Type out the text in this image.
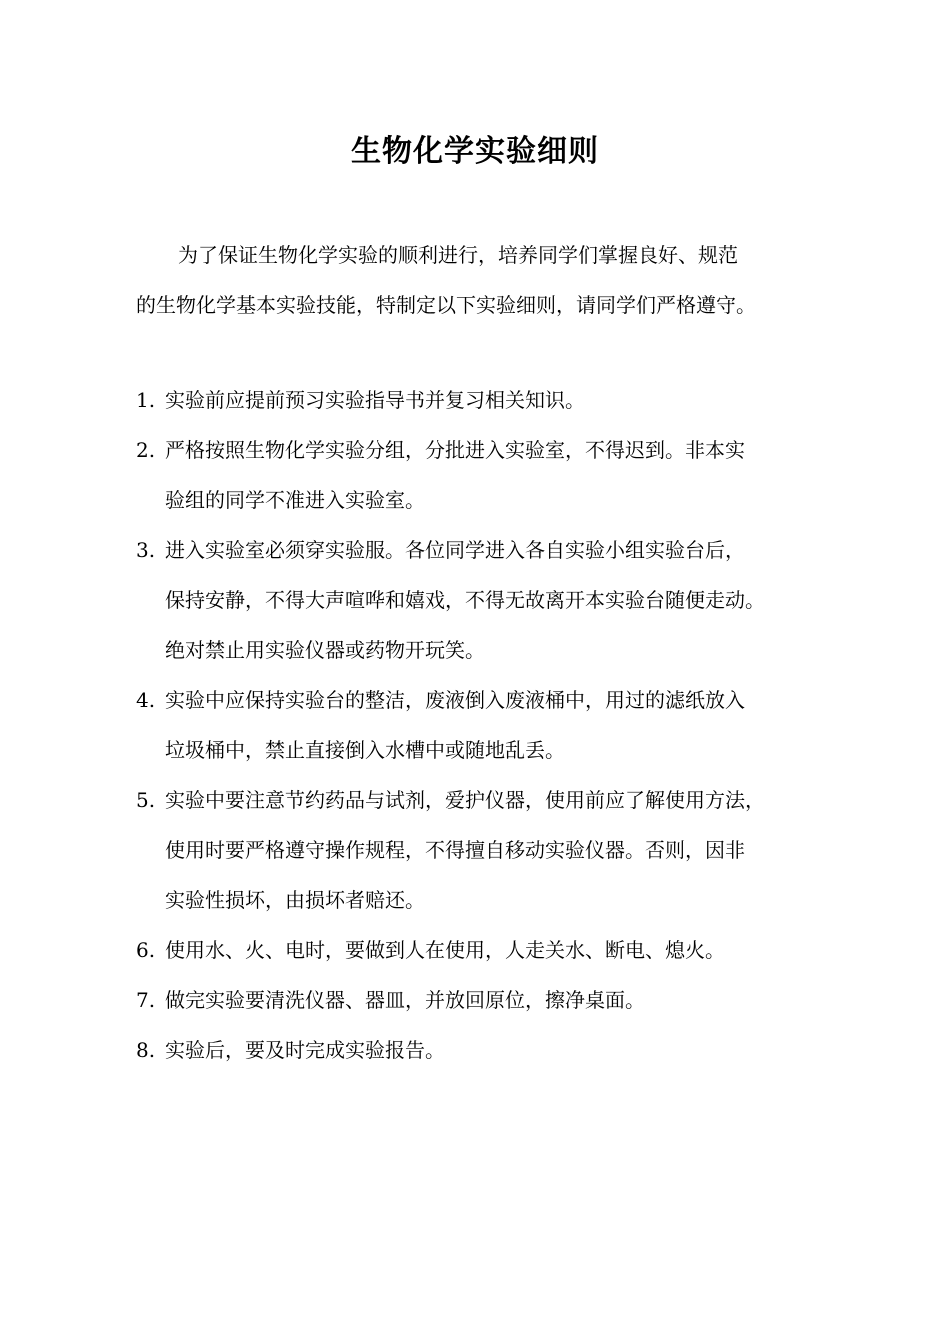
生物化学实验细则
为了保证生物化学实验的顺利进行，培养同学们掌握良好、规范
的生物化学基本实验技能，特制定以下实验细则，请同学们严格遵守。
1. 实验前应提前预习实验指导书并复习相关知识。
2. 严格按照生物化学实验分组，分批进入实验室，不得迟到。非本实
验组的同学不准进入实验室。
3. 进入实验室必须穿实验服。各位同学进入各自实验小组实验台后，
保持安静，不得大声喧哗和嬉戏，不得无故离开本实验台随便走动。
绝对禁止用实验仪器或药物开玩笑。
4. 实验中应保持实验台的整洁，废液倒入废液桶中，用过的滤纸放入
垃圾桶中，禁止直接倒入水槽中或随地乱丢。
5. 实验中要注意节约药品与试剂，爱护仪器，使用前应了解使用方法，
使用时要严格遵守操作规程，不得擅自移动实验仪器。否则，因非
实验性损坏，由损坏者赔还。
6. 使用水、火、电时，要做到人在使用，人走关水、断电、熄火。
7. 做完实验要清洗仪器、器皿，并放回原位，擦净桌面。
8. 实验后，要及时完成实验报告。
